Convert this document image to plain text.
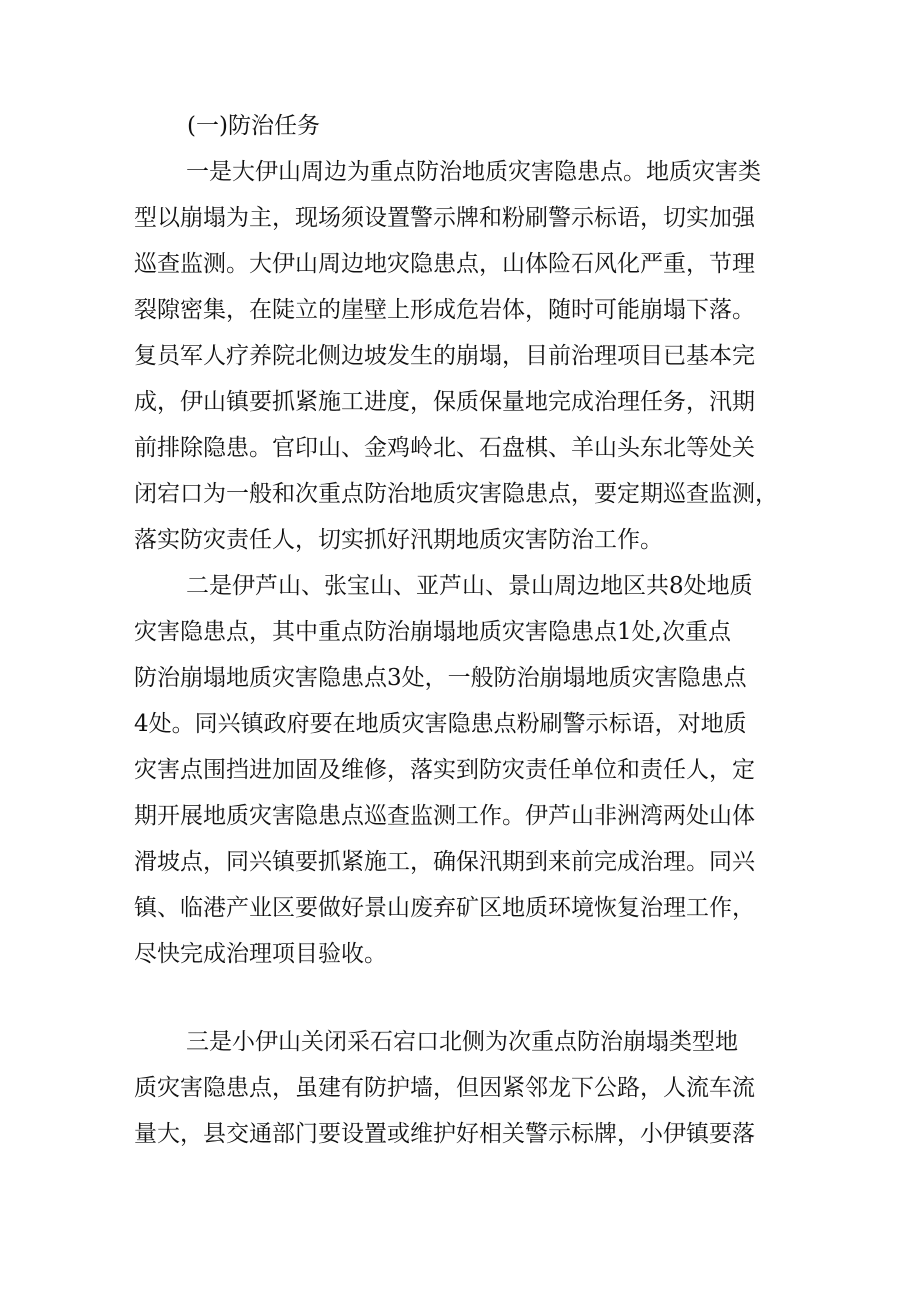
(一)防治任务

一是大伊山周边为重点防治地质灾害隐患点。地质灾害类

型以崩塌为主，现场须设置警示牌和粉刷警示标语，切实加强

巡查监测。大伊山周边地灾隐患点，山体险石风化严重，节理

裂隙密集，在陡立的崖壁上形成危岩体，随时可能崩塌下落。

复员军人疗养院北侧边坡发生的崩塌，目前治理项目已基本完

成，伊山镇要抓紧施工进度，保质保量地完成治理任务，汛期

前排除隐患。官印山、金鸡岭北、石盘棋、羊山头东北等处关

闭宕口为一般和次重点防治地质灾害隐患点，要定期巡查监测，

落实防灾责任人，切实抓好汛期地质灾害防治工作。

二是伊芦山、张宝山、亚芦山、景山周边地区共8处地质

灾害隐患点，其中重点防治崩塌地质灾害隐患点1处,次重点

防治崩塌地质灾害隐患点3处，一般防治崩塌地质灾害隐患点

4处。同兴镇政府要在地质灾害隐患点粉刷警示标语，对地质

灾害点围挡进加固及维修，落实到防灾责任单位和责任人，定

期开展地质灾害隐患点巡查监测工作。伊芦山非洲湾两处山体

滑坡点，同兴镇要抓紧施工，确保汛期到来前完成治理。同兴

镇、临港产业区要做好景山废弃矿区地质环境恢复治理工作，

尽快完成治理项目验收。

三是小伊山关闭采石宕口北侧为次重点防治崩塌类型地

质灾害隐患点，虽建有防护墙，但因紧邻龙下公路，人流车流

量大，县交通部门要设置或维护好相关警示标牌，小伊镇要落
